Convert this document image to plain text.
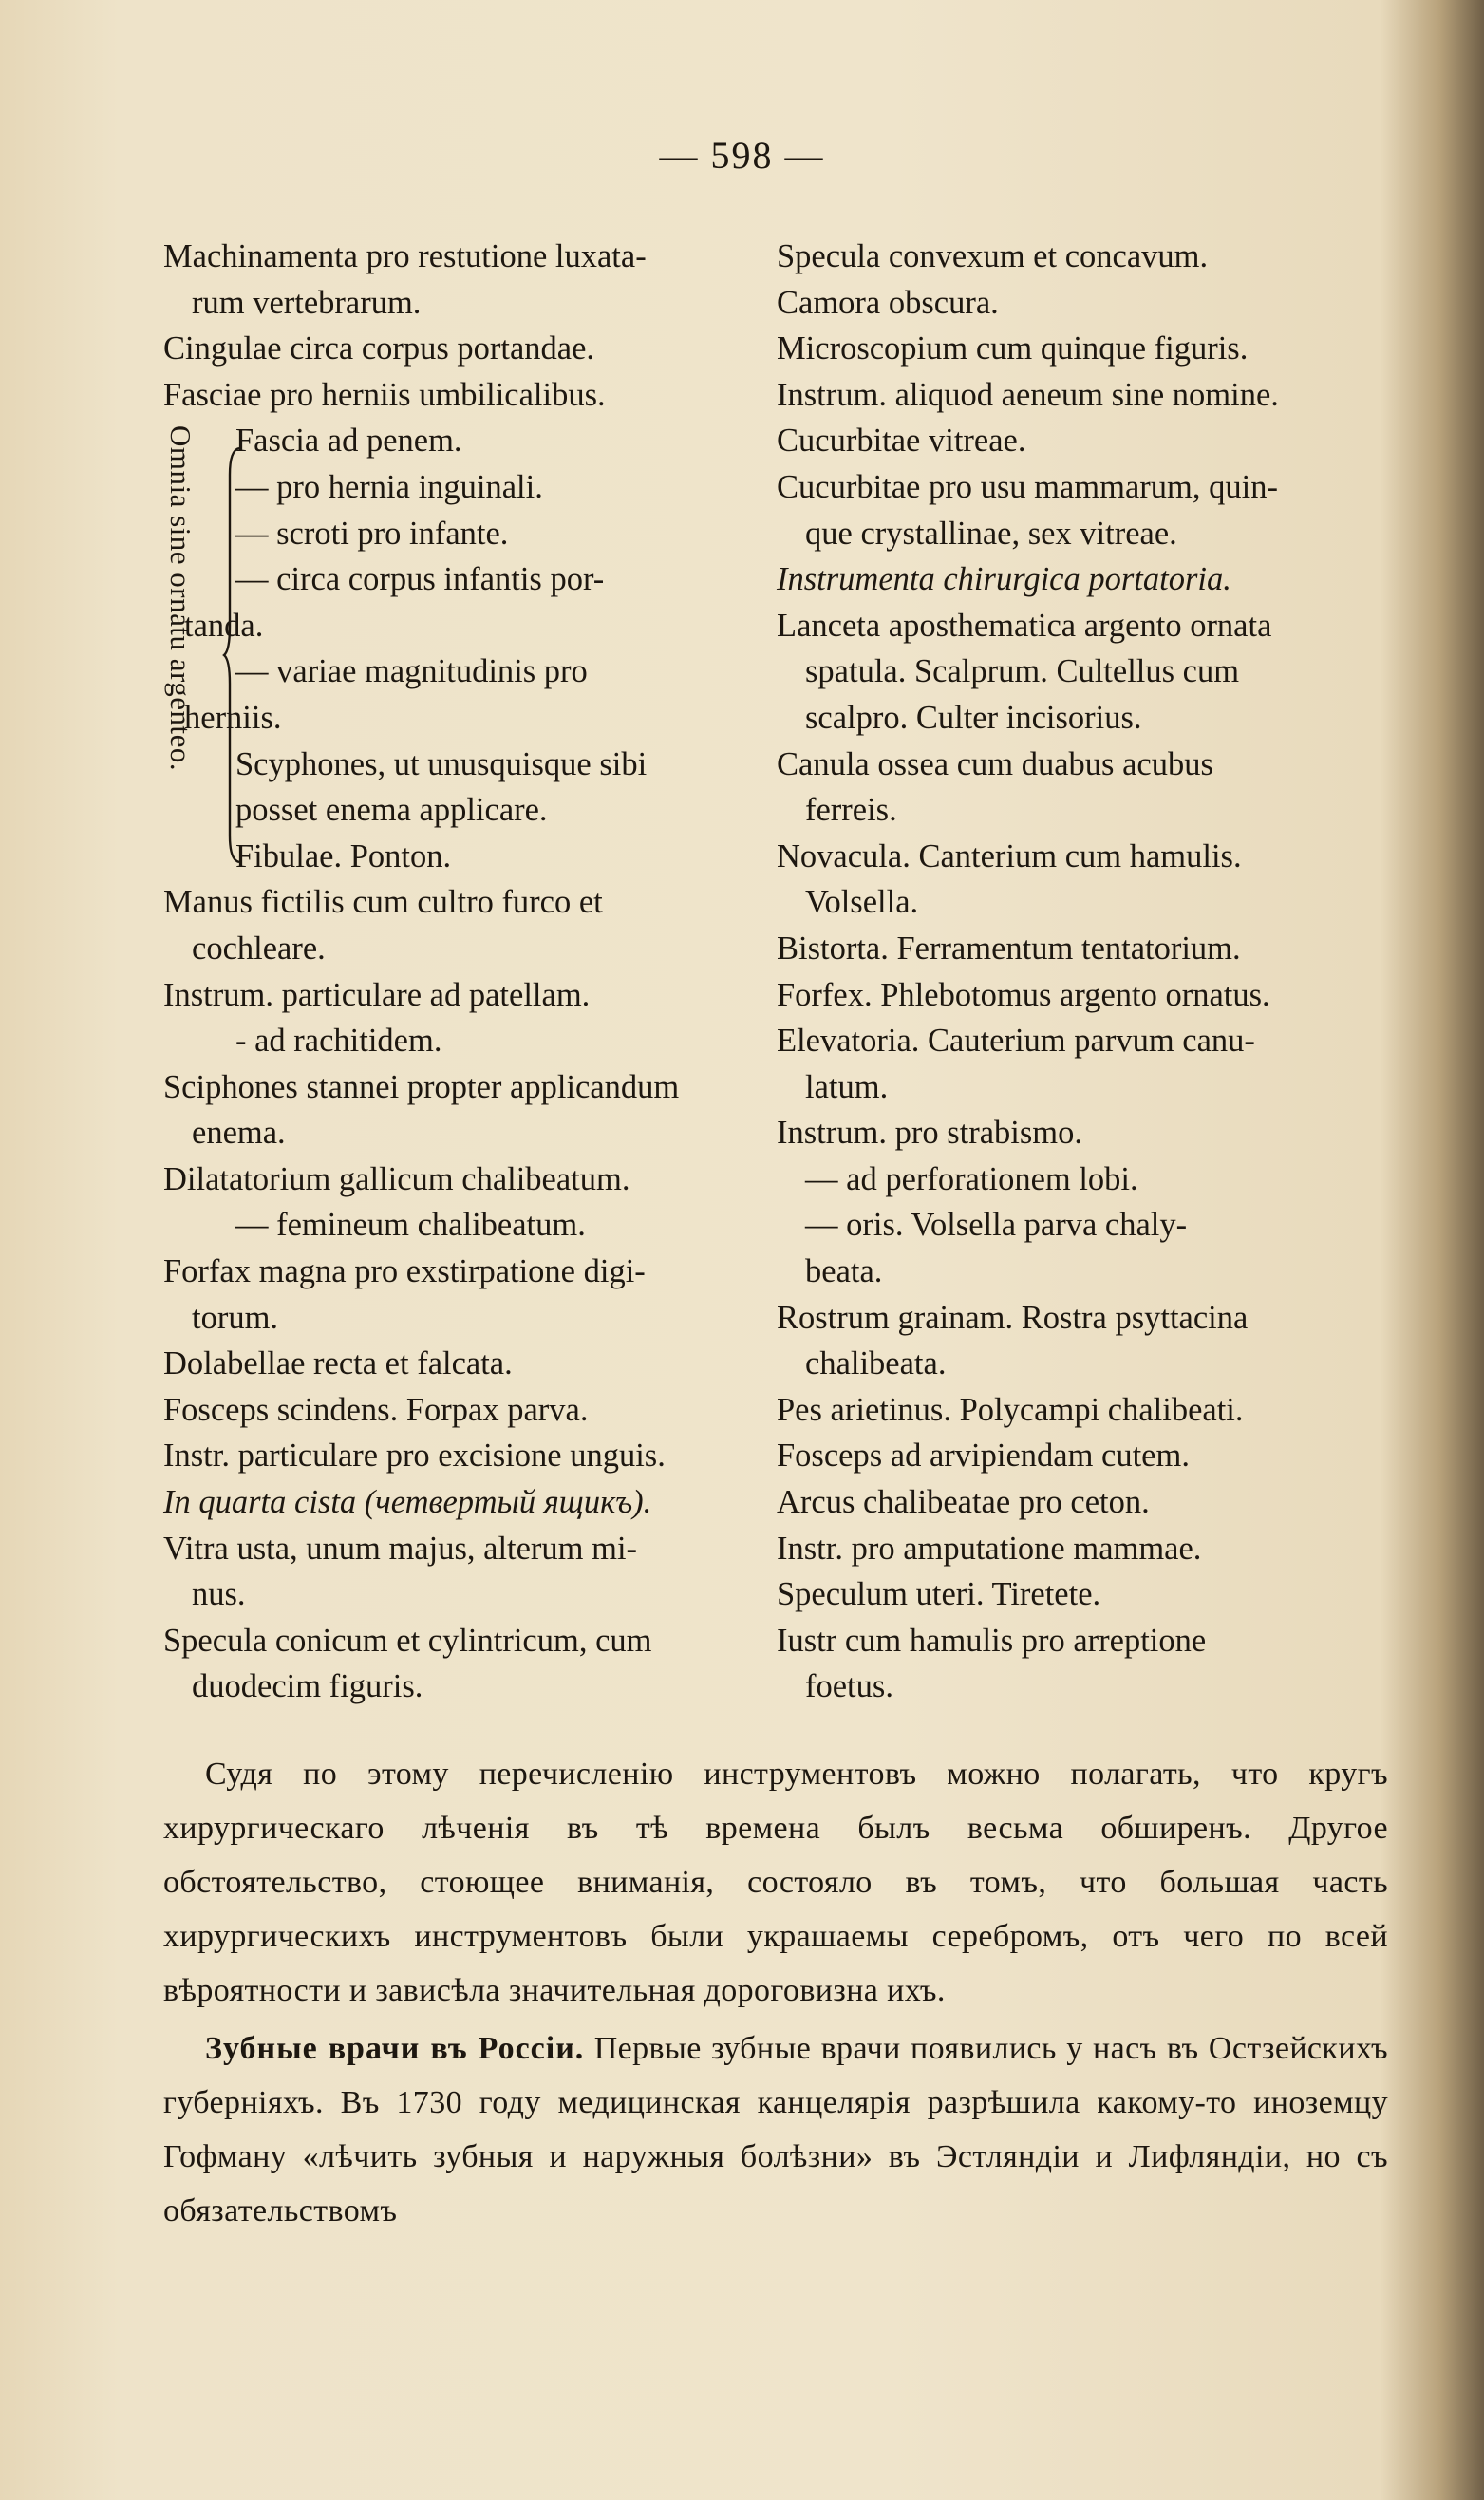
— 598 —
Omnia sine ornatu argenteo.
Machinamenta pro restutione luxata-
rum vertebrarum.
Cingulae circa corpus portandae.
Fasciae pro herniis umbilicalibus.
Fascia ad penem.
— pro hernia inguinali.
— scroti pro infante.
— circa corpus infantis por-
tanda.
— variae magnitudinis pro
herniis.
Scyphones, ut unusquisque sibi
posset enema applicare.
Fibulae. Ponton.
Manus fictilis cum cultro furco et
cochleare.
Instrum. particulare ad patellam.
- ad rachitidem.
Sciphones stannei propter applicandum
enema.
Dilatatorium gallicum chalibeatum.
— femineum chalibeatum.
Forfax magna pro exstirpatione digi-
torum.
Dolabellae recta et falcata.
Fosceps scindens. Forpax parva.
Instr. particulare pro excisione unguis.
In quarta cista (четвертый ящикъ).
Vitra usta, unum majus, alterum mi-
nus.
Specula conicum et cylintricum, cum
duodecim figuris.
Specula convexum et concavum.
Camora obscura.
Microscopium cum quinque figuris.
Instrum. aliquod aeneum sine nomine.
Cucurbitae vitreae.
Cucurbitae pro usu mammarum, quin-
que crystallinae, sex vitreae.
Instrumenta chirurgica portatoria.
Lanceta aposthematica argento ornata
spatula. Scalprum. Cultellus cum
scalpro. Culter incisorius.
Canula ossea cum duabus acubus
ferreis.
Novacula. Canterium cum hamulis.
Volsella.
Bistorta. Ferramentum tentatorium.
Forfex. Phlebotomus argento ornatus.
Elevatoria. Cauterium parvum canu-
latum.
Instrum. pro strabismo.
— ad perforationem lobi.
— oris. Volsella parva chaly-
beata.
Rostrum grainam. Rostra psyttacina
chalibeata.
Pes arietinus. Polycampi chalibeati.
Fosceps ad arvipiendam cutem.
Arcus chalibeatae pro ceton.
Instr. pro amputatione mammae.
Speculum uteri. Tiretete.
Iustr cum hamulis pro arreptione
foetus.

Судя по этому перечисленію инструментовъ можно полагать, что кругъ хирургическаго лѣченія въ тѣ времена былъ весьма обширенъ. Другое обстоятельство, стоющее вниманія, состояло въ томъ, что большая часть хирургическихъ инструментовъ были украшаемы серебромъ, отъ чего по всей вѣроятности и зависѣла значительная дороговизна ихъ.

Зубные врачи въ Россіи. Первые зубные врачи появились у насъ въ Остзейскихъ губерніяхъ. Въ 1730 году медицинская канцелярія разрѣшила какому-то иноземцу Гофману «лѣчить зубныя и наружныя болѣзни» въ Эстляндіи и Лифляндіи, но съ обязательствомъ
